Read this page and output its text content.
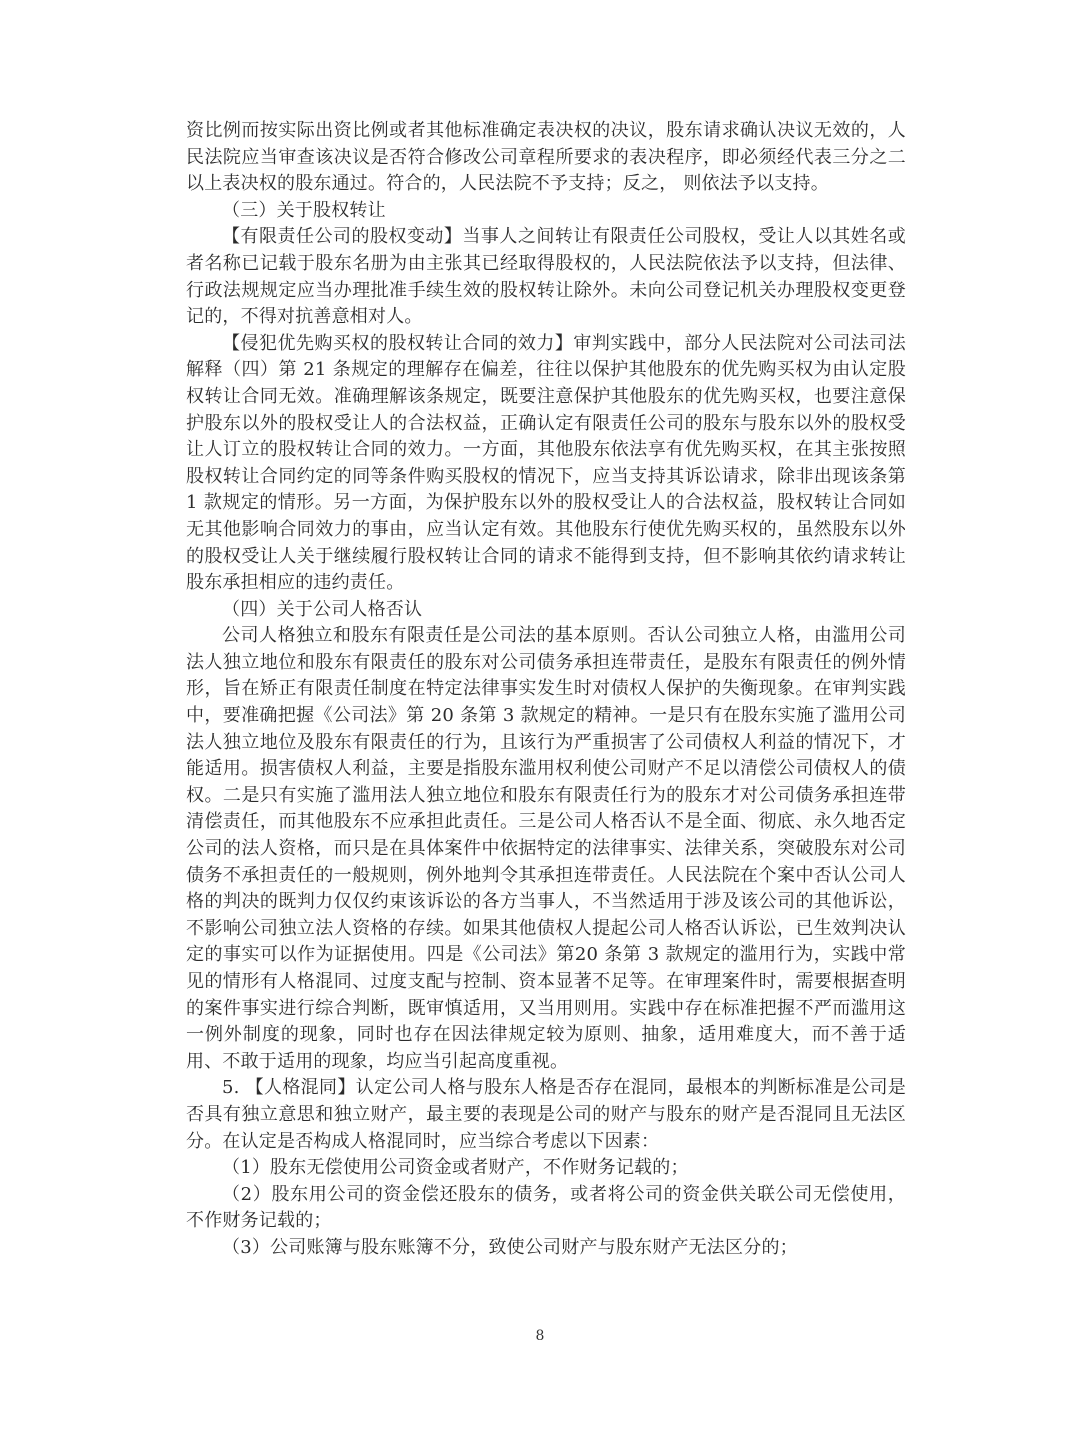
资比例而按实际出资比例或者其他标准确定表决权的决议，股东请求确认决议无效的，人民法院应当审查该决议是否符合修改公司章程所要求的表决程序，即必须经代表三分之二以上表决权的股东通过。符合的，人民法院不予支持；反之， 则依法予以支持。

（三）关于股权转让

【有限责任公司的股权变动】当事人之间转让有限责任公司股权，受让人以其姓名或者名称已记载于股东名册为由主张其已经取得股权的，人民法院依法予以支持，但法律、行政法规规定应当办理批准手续生效的股权转让除外。未向公司登记机关办理股权变更登记的，不得对抗善意相对人。

【侵犯优先购买权的股权转让合同的效力】审判实践中，部分人民法院对公司法司法解释（四）第 21 条规定的理解存在偏差，往往以保护其他股东的优先购买权为由认定股权转让合同无效。准确理解该条规定，既要注意保护其他股东的优先购买权，也要注意保护股东以外的股权受让人的合法权益，正确认定有限责任公司的股东与股东以外的股权受让人订立的股权转让合同的效力。一方面，其他股东依法享有优先购买权，在其主张按照股权转让合同约定的同等条件购买股权的情况下，应当支持其诉讼请求，除非出现该条第 1 款规定的情形。另一方面，为保护股东以外的股权受让人的合法权益，股权转让合同如无其他影响合同效力的事由，应当认定有效。其他股东行使优先购买权的，虽然股东以外的股权受让人关于继续履行股权转让合同的请求不能得到支持，但不影响其依约请求转让股东承担相应的违约责任。

（四）关于公司人格否认

公司人格独立和股东有限责任是公司法的基本原则。否认公司独立人格，由滥用公司法人独立地位和股东有限责任的股东对公司债务承担连带责任，是股东有限责任的例外情形，旨在矫正有限责任制度在特定法律事实发生时对债权人保护的失衡现象。在审判实践中，要准确把握《公司法》第 20 条第 3 款规定的精神。一是只有在股东实施了滥用公司法人独立地位及股东有限责任的行为，且该行为严重损害了公司债权人利益的情况下，才能适用。损害债权人利益，主要是指股东滥用权利使公司财产不足以清偿公司债权人的债权。二是只有实施了滥用法人独立地位和股东有限责任行为的股东才对公司债务承担连带清偿责任，而其他股东不应承担此责任。三是公司人格否认不是全面、彻底、永久地否定公司的法人资格，而只是在具体案件中依据特定的法律事实、法律关系，突破股东对公司债务不承担责任的一般规则，例外地判令其承担连带责任。人民法院在个案中否认公司人格的判决的既判力仅仅约束该诉讼的各方当事人，不当然适用于涉及该公司的其他诉讼，不影响公司独立法人资格的存续。如果其他债权人提起公司人格否认诉讼，已生效判决认定的事实可以作为证据使用。四是《公司法》第20 条第 3 款规定的滥用行为，实践中常见的情形有人格混同、过度支配与控制、资本显著不足等。在审理案件时，需要根据查明的案件事实进行综合判断，既审慎适用，又当用则用。实践中存在标准把握不严而滥用这一例外制度的现象，同时也存在因法律规定较为原则、抽象，适用难度大，而不善于适用、不敢于适用的现象，均应当引起高度重视。

5. 【人格混同】认定公司人格与股东人格是否存在混同，最根本的判断标准是公司是否具有独立意思和独立财产，最主要的表现是公司的财产与股东的财产是否混同且无法区分。在认定是否构成人格混同时，应当综合考虑以下因素：

（1）股东无偿使用公司资金或者财产，不作财务记载的；

（2）股东用公司的资金偿还股东的债务，或者将公司的资金供关联公司无偿使用，不作财务记载的；

（3）公司账簿与股东账簿不分，致使公司财产与股东财产无法区分的；

8
